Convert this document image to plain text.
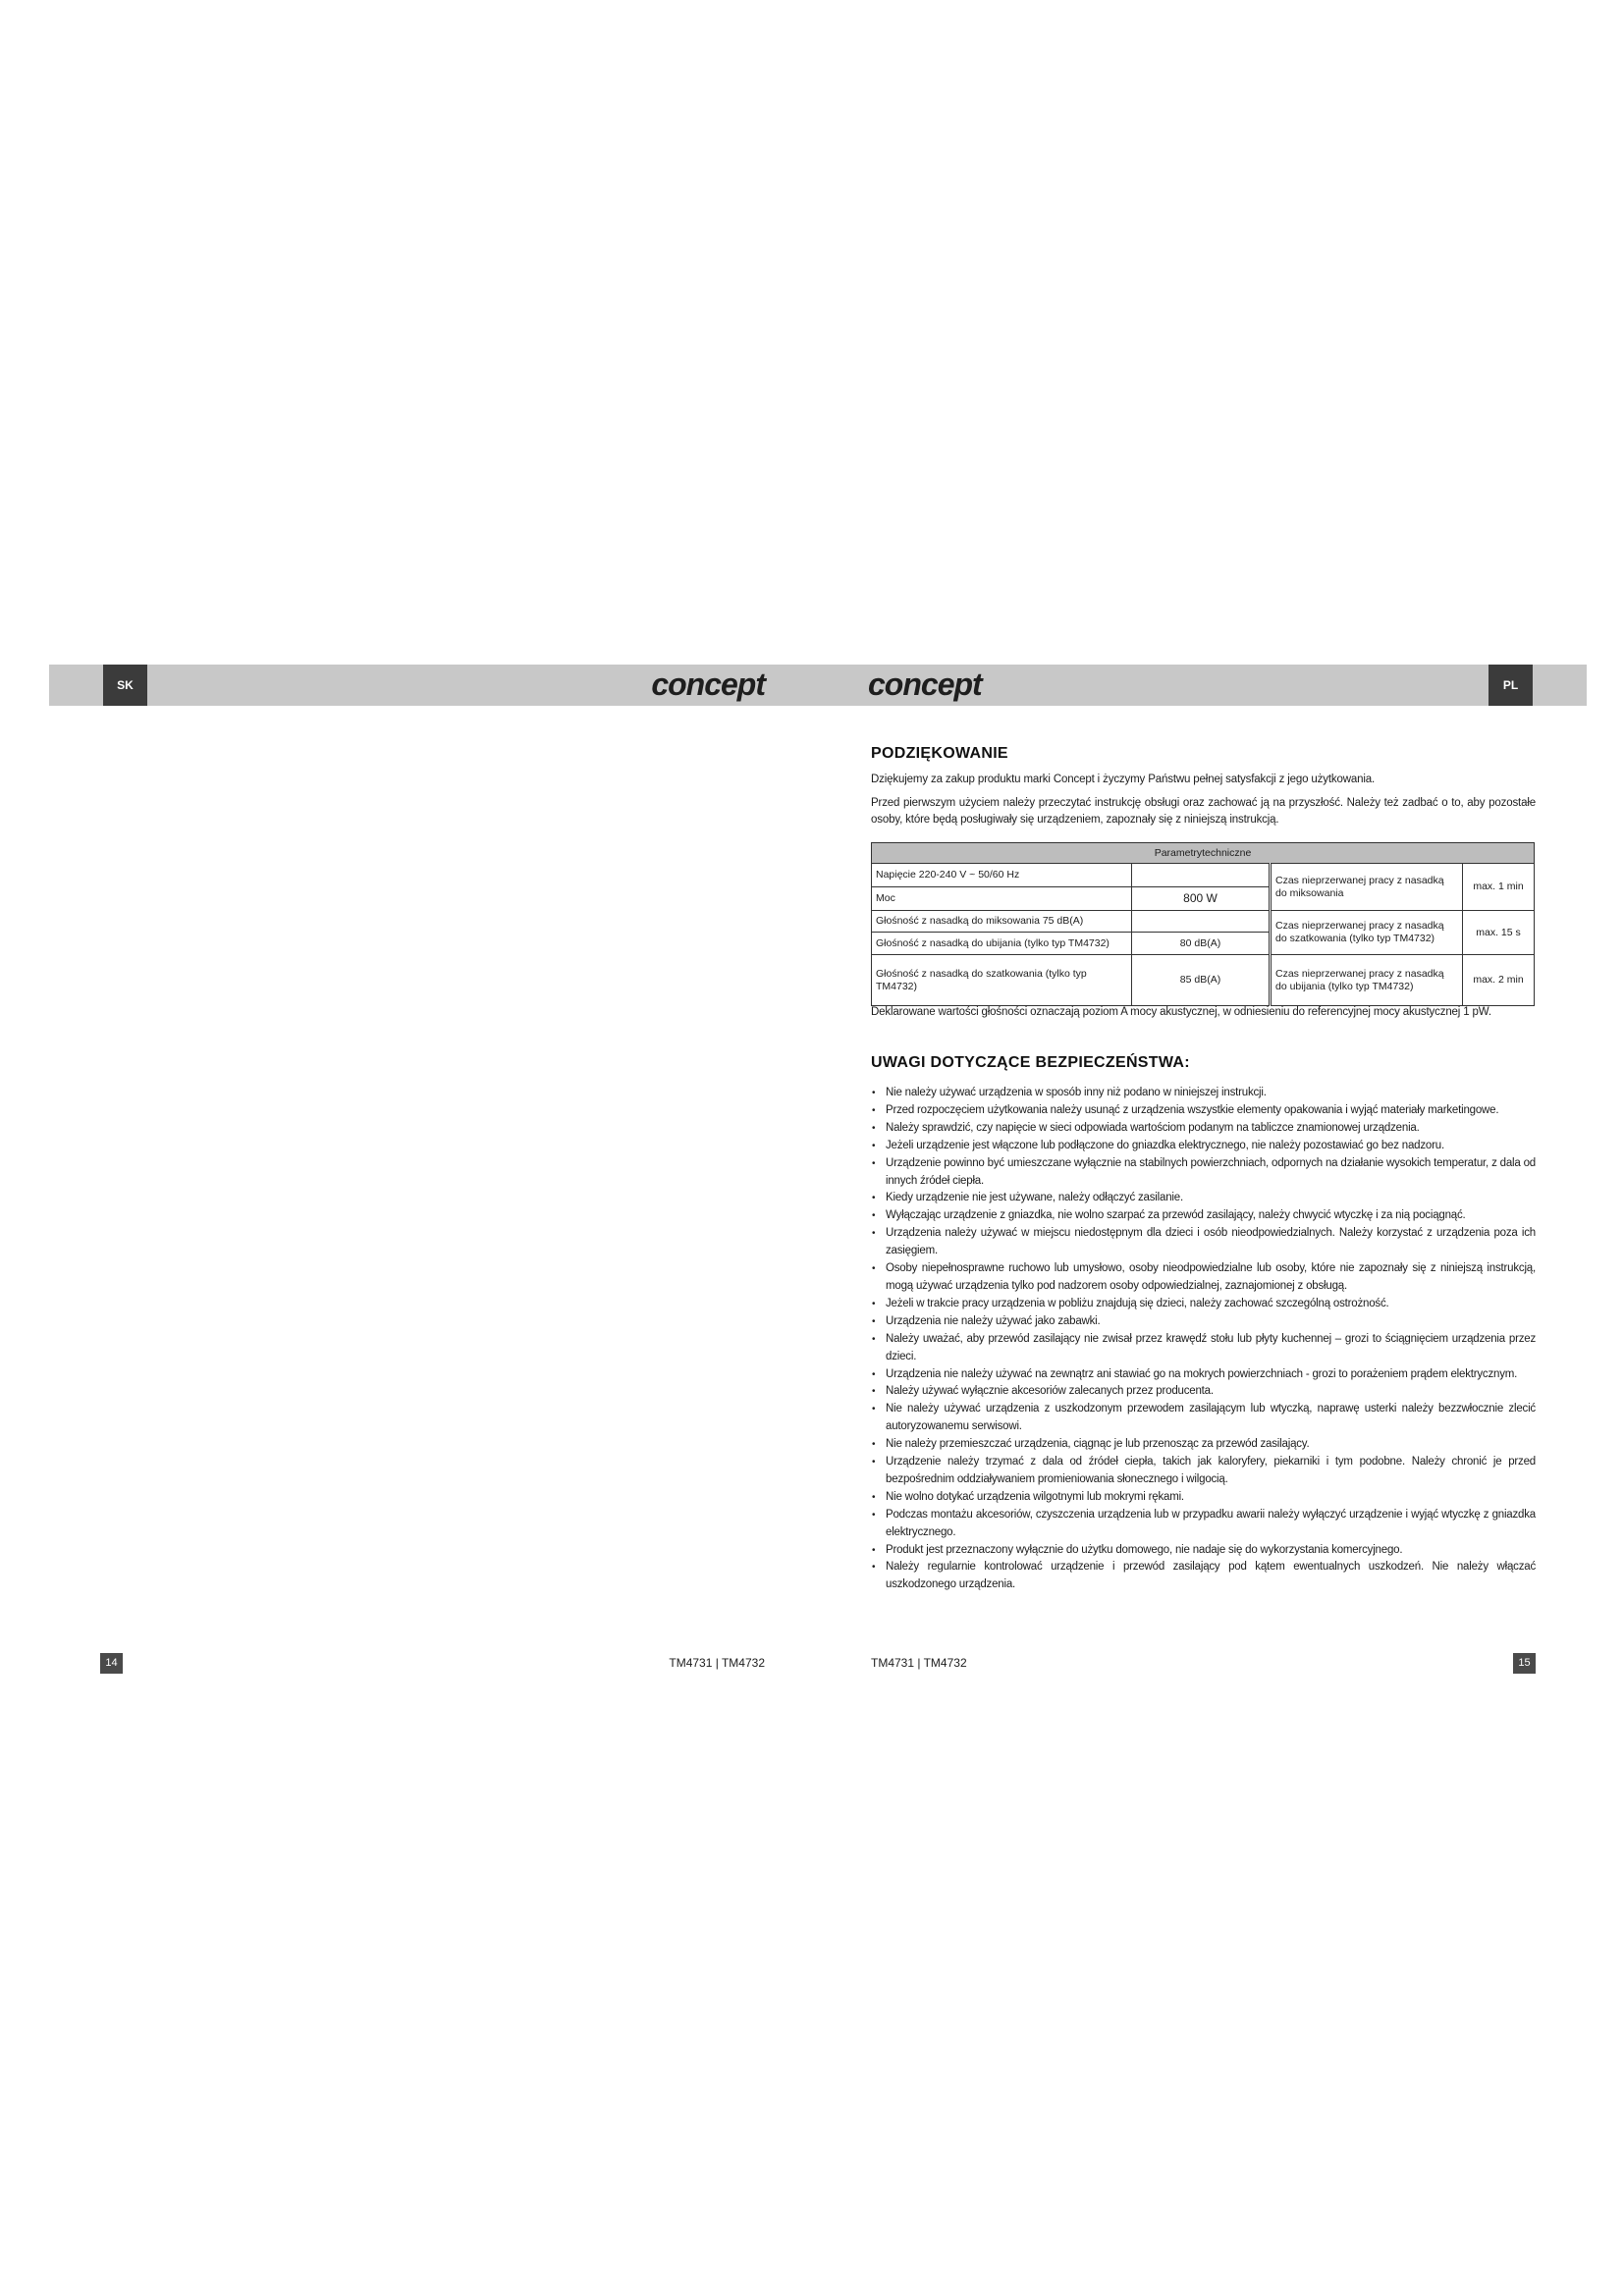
SK	concept	concept	PL
PODZIĘKOWANIE

Dziękujemy za zakup produktu marki Concept i życzymy Państwu pełnej satysfakcji z jego użytkowania.

Przed pierwszym użyciem należy przeczytać instrukcję obsługi oraz zachować ją na przyszłość. Należy też zadbać o to, aby pozostałe osoby, które będą posługiwały się urządzeniem, zapoznały się z niniejszą instrukcją.

Parametrytechniczne			
Napięcie 220-240 V ~ 50/60 Hz		Czas nieprzerwanej pracy z nasadką do miksowania	max. 1 min
Moc	800 W		
Głośność z nasadką do miksowania 75 dB(A)		Czas nieprzerwanej pracy z nasadką do szatkowania (tylko typ TM4732)	max. 15 s
Głośność z nasadką do ubijania (tylko typ TM4732)	80 dB(A)		
Głośność z nasadką do szatkowania (tylko typ TM4732)	85 dB(A)	Czas nieprzerwanej pracy z nasadką do ubijania (tylko typ TM4732)	max. 2 min

Deklarowane wartości głośności oznaczają poziom A mocy akustycznej, w odniesieniu do referencyjnej mocy akustycznej 1 pW.

UWAGI DOTYCZĄCE BEZPIECZEŃSTWA:
• Nie należy używać urządzenia w sposób inny niż podano w niniejszej instrukcji.
• Przed rozpoczęciem użytkowania należy usunąć z urządzenia wszystkie elementy opakowania i wyjąć materiały marketingowe.
• Należy sprawdzić, czy napięcie w sieci odpowiada wartościom podanym na tabliczce znamionowej urządzenia.
• Jeżeli urządzenie jest włączone lub podłączone do gniazdka elektrycznego, nie należy pozostawiać go bez nadzoru.
• Urządzenie powinno być umieszczane wyłącznie na stabilnych powierzchniach, odpornych na działanie wysokich temperatur, z dala od innych źródeł ciepła.
• Kiedy urządzenie nie jest używane, należy odłączyć zasilanie.
• Wyłączając urządzenie z gniazdka, nie wolno szarpać za przewód zasilający, należy chwycić wtyczkę i za nią pociągnąć.
• Urządzenia należy używać w miejscu niedostępnym dla dzieci i osób nieodpowiedzialnych. Należy korzystać z urządzenia poza ich zasięgiem.
• Osoby niepełnosprawne ruchowo lub umysłowo, osoby nieodpowiedzialne lub osoby, które nie zapoznały się z niniejszą instrukcją, mogą używać urządzenia tylko pod nadzorem osoby odpowiedzialnej, zaznajomionej z obsługą.
• Jeżeli w trakcie pracy urządzenia w pobliżu znajdują się dzieci, należy zachować szczególną ostrożność.
• Urządzenia nie należy używać jako zabawki.
• Należy uważać, aby przewód zasilający nie zwisał przez krawędź stołu lub płyty kuchennej – grozi to ściągnięciem urządzenia przez dzieci.
• Urządzenia nie należy używać na zewnątrz ani stawiać go na mokrych powierzchniach - grozi to porażeniem prądem elektrycznym.
• Należy używać wyłącznie akcesoriów zalecanych przez producenta.
• Nie należy używać urządzenia z uszkodzonym przewodem zasilającym lub wtyczką, naprawę usterki należy bezzwłocznie zlecić autoryzowanemu serwisowi.
• Nie należy przemieszczać urządzenia, ciągnąc je lub przenosząc za przewód zasilający.
• Urządzenie należy trzymać z dala od źródeł ciepła, takich jak kaloryfery, piekarniki i tym podobne. Należy chronić je przed bezpośrednim oddziaływaniem promieniowania słonecznego i wilgocią.
• Nie wolno dotykać urządzenia wilgotnymi lub mokrymi rękami.
• Podczas montażu akcesoriów, czyszczenia urządzenia lub w przypadku awarii należy wyłączyć urządzenie i wyjąć wtyczkę z gniazdka elektrycznego.
• Produkt jest przeznaczony wyłącznie do użytku domowego, nie nadaje się do wykorzystania komercyjnego.
• Należy regularnie kontrolować urządzenie i przewód zasilający pod kątem ewentualnych uszkodzeń. Nie należy włączać uszkodzonego urządzenia.
14	TM4731 | TM4732	TM4731 | TM4732	15
